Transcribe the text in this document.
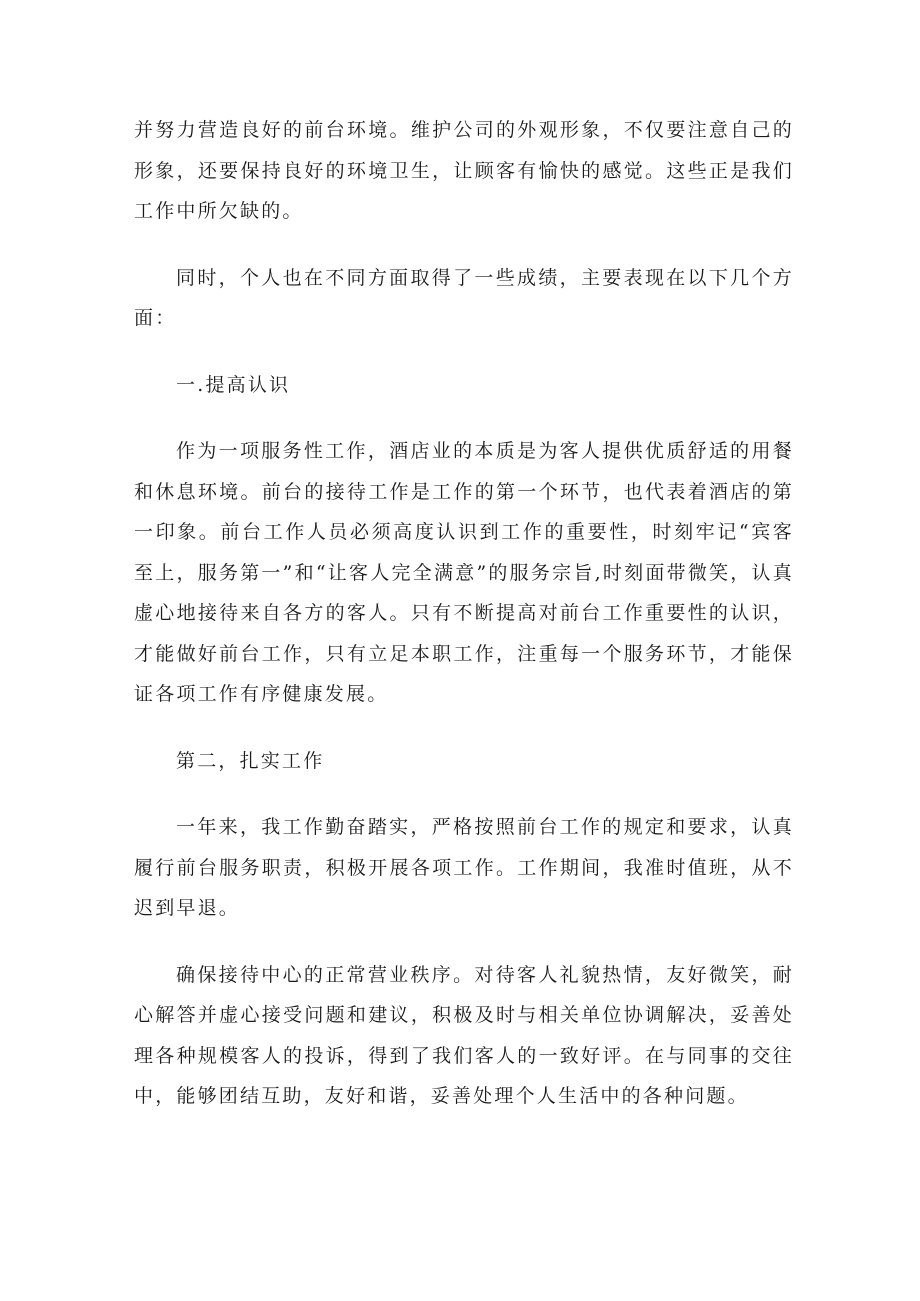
并努力营造良好的前台环境。维护公司的外观形象，不仅要注意自己的形象，还要保持良好的环境卫生，让顾客有愉快的感觉。这些正是我们工作中所欠缺的。

同时，个人也在不同方面取得了一些成绩，主要表现在以下几个方面：

一.提高认识

作为一项服务性工作，酒店业的本质是为客人提供优质舒适的用餐和休息环境。前台的接待工作是工作的第一个环节，也代表着酒店的第一印象。前台工作人员必须高度认识到工作的重要性，时刻牢记“宾客至上，服务第一”和“让客人完全满意”的服务宗旨,时刻面带微笑，认真虚心地接待来自各方的客人。只有不断提高对前台工作重要性的认识，才能做好前台工作，只有立足本职工作，注重每一个服务环节，才能保证各项工作有序健康发展。

第二，扎实工作

一年来，我工作勤奋踏实，严格按照前台工作的规定和要求，认真履行前台服务职责，积极开展各项工作。工作期间，我准时值班，从不迟到早退。

确保接待中心的正常营业秩序。对待客人礼貌热情，友好微笑，耐心解答并虚心接受问题和建议，积极及时与相关单位协调解决，妥善处理各种规模客人的投诉，得到了我们客人的一致好评。在与同事的交往中，能够团结互助，友好和谐，妥善处理个人生活中的各种问题。
